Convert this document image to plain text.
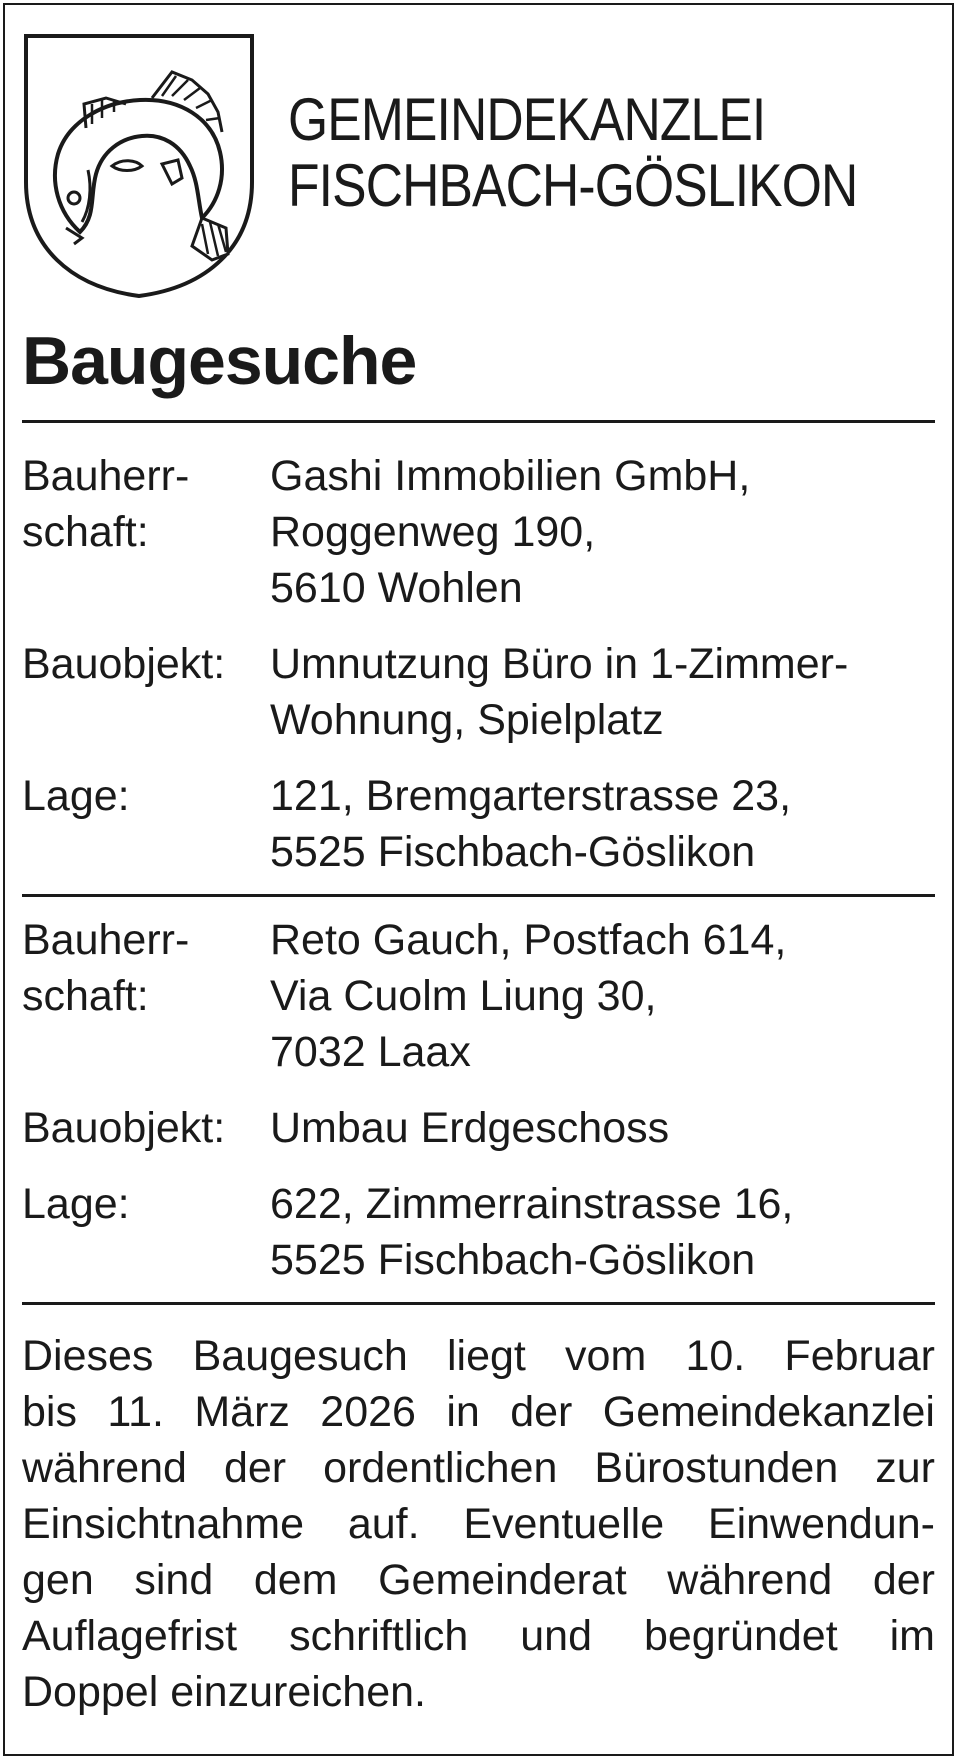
GEMEINDEKANZLEI
FISCHBACH-GÖSLIKON
Baugesuche
Bauherr-
schaft:
Gashi Immobilien GmbH,
Roggenweg 190,
5610 Wohlen
Bauobjekt: Umnutzung Büro in 1-Zimmer-
Wohnung, Spielplatz
Lage:	121, Bremgarterstrasse 23,
5525 Fischbach-Göslikon
Bauherr-
schaft:
Reto Gauch, Postfach 614,
Via Cuolm Liung 30,
7032 Laax
Bauobjekt: Umbau Erdgeschoss
Lage:	622, Zimmerrainstrasse 16,
5525 Fischbach-Göslikon
Dieses Baugesuch liegt vom 10. Februar
bis 11. März 2026 in der Gemeindekanzlei
während der ordentlichen Bürostunden zur
Einsichtnahme auf. Eventuelle Einwendun-
gen sind dem Gemeinderat während der
Auflagefrist schriftlich und begründet im
Doppel einzureichen.
